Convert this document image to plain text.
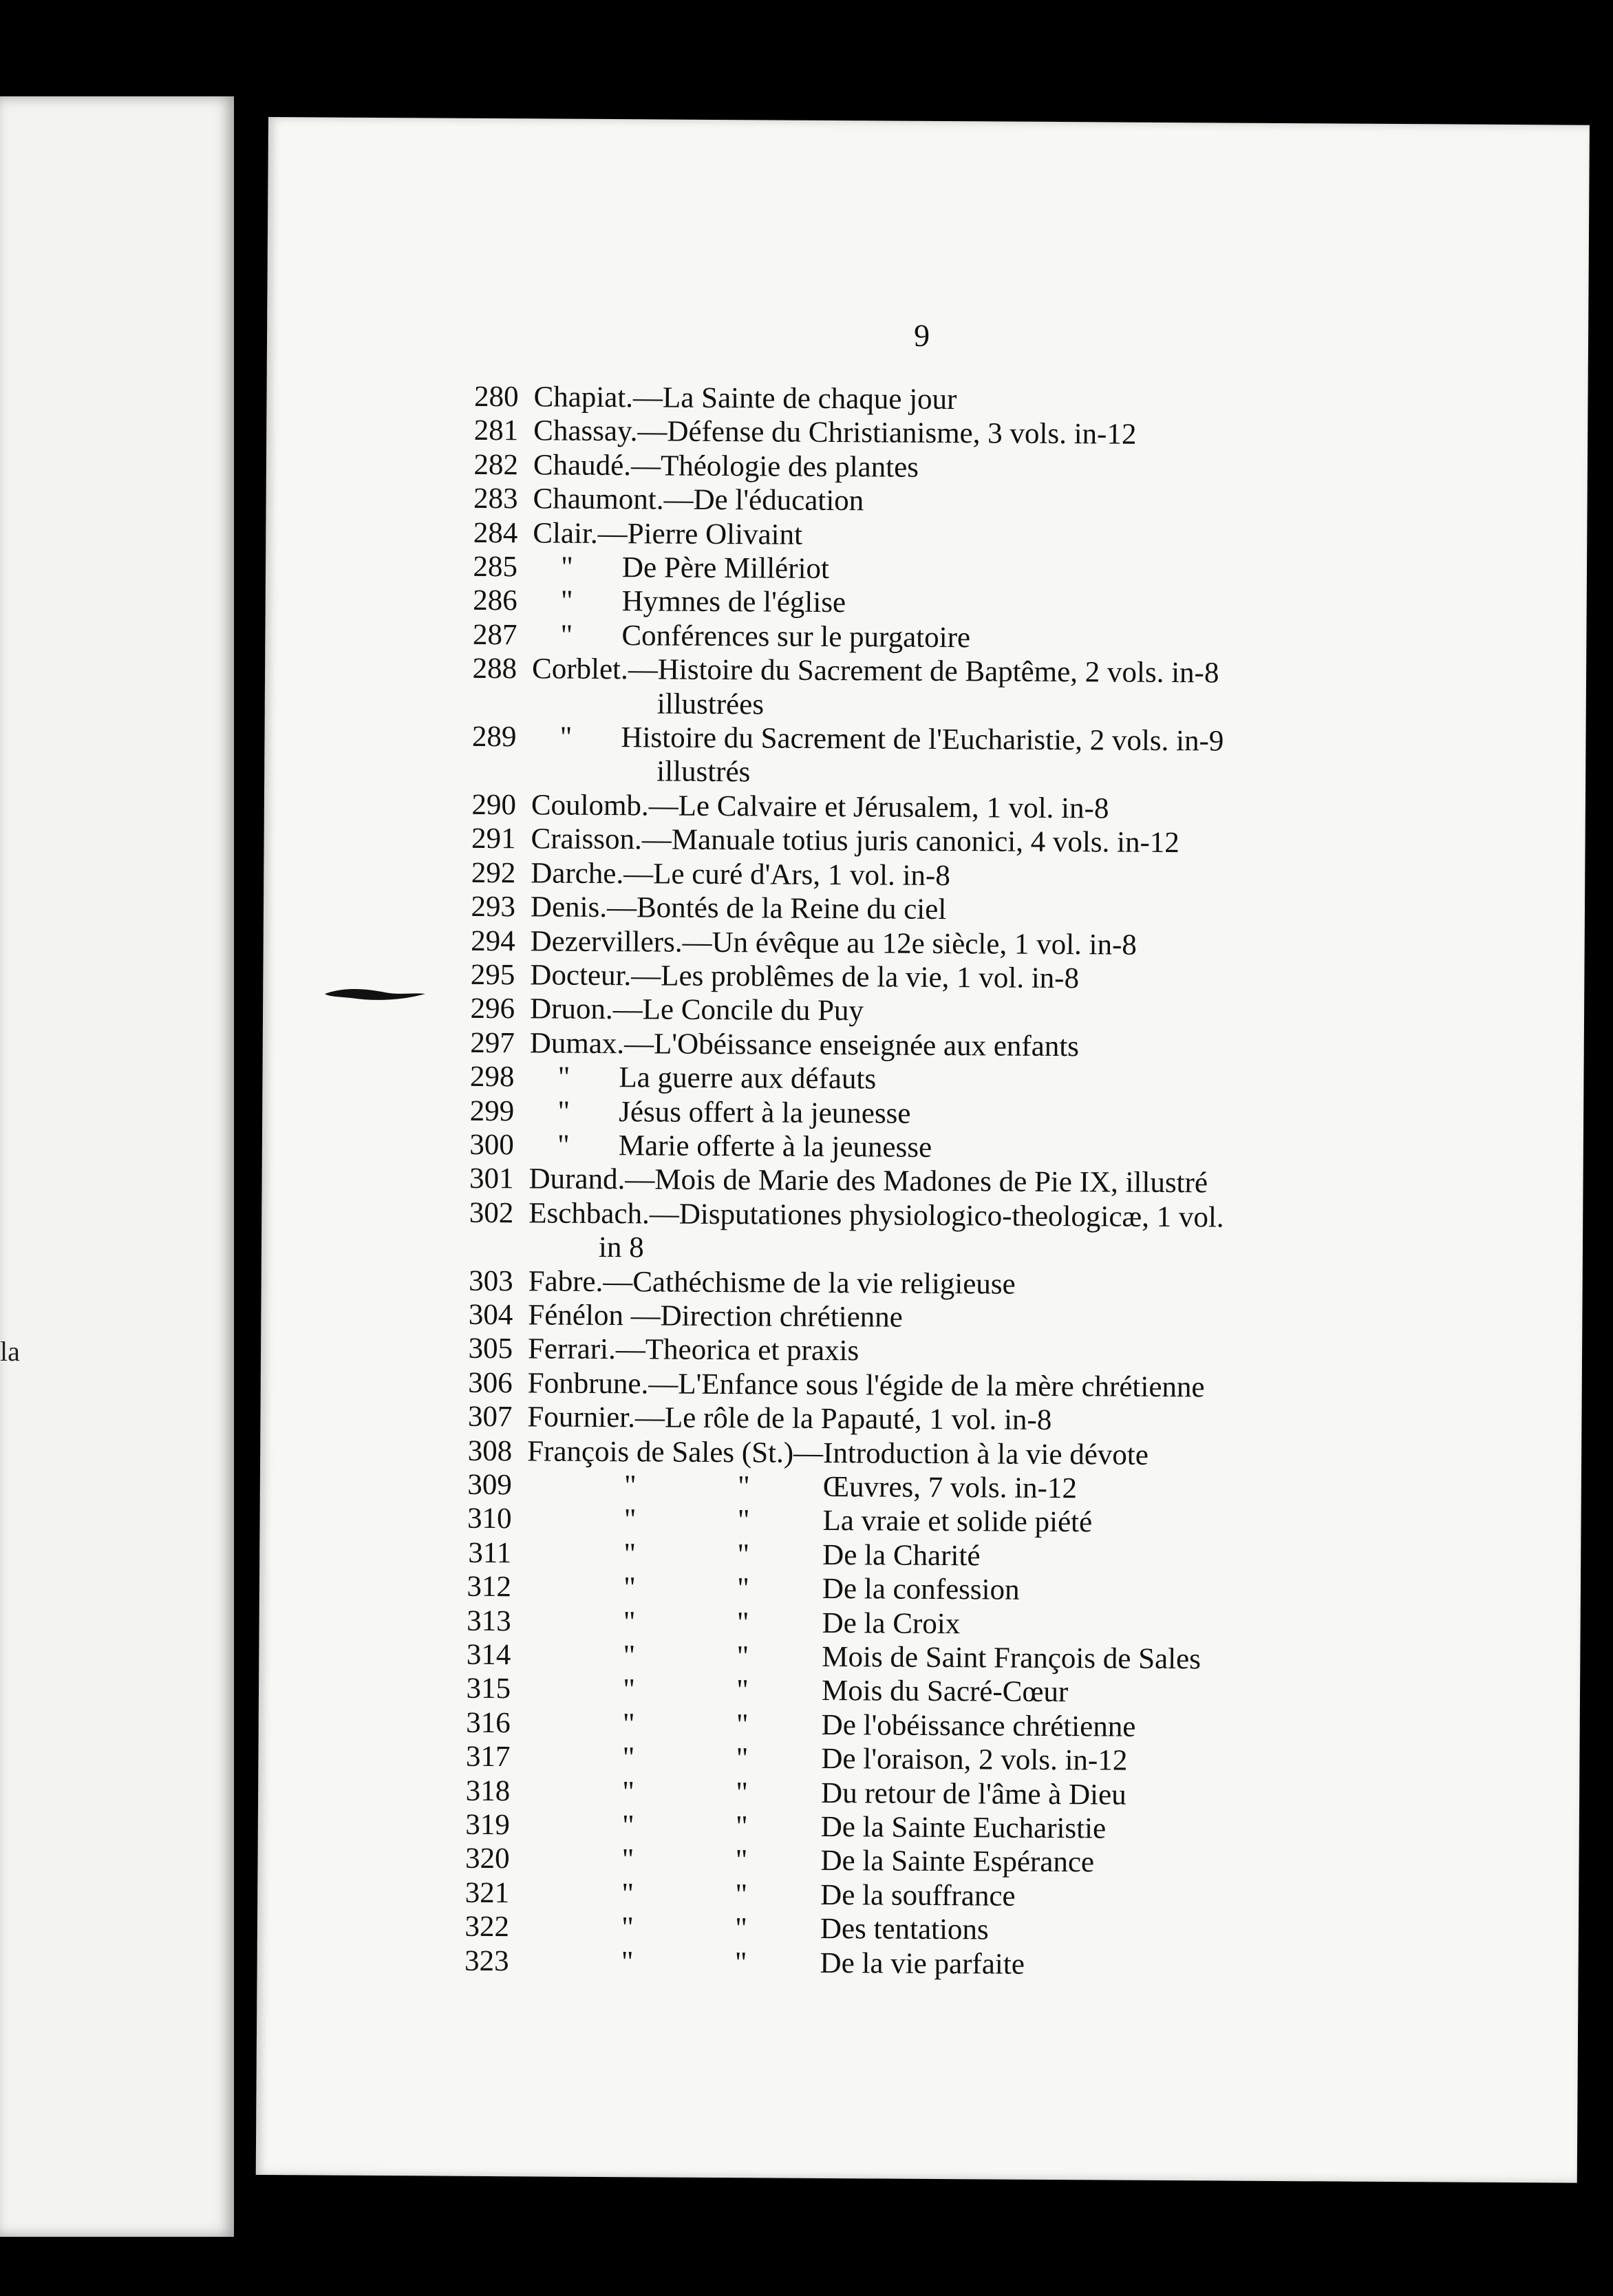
la
9
280 Chapiat.—La Sainte de chaque jour
281 Chassay.—Défense du Christianisme, 3 vols. in-12
282 Chaudé.—Théologie des plantes
283 Chaumont.—De l'éducation
284 Clair.—Pierre Olivaint
285	" De Père Millériot
286	" Hymnes de l'église
287	" Conférences sur le purgatoire
288 Corblet.—Histoire du Sacrement de Baptême, 2 vols. in-8
illustrées
289	" Histoire du Sacrement de l'Eucharistie, 2 vols. in-9
illustrés
290 Coulomb.—Le Calvaire et Jérusalem, 1 vol. in-8
291 Craisson.—Manuale totius juris canonici, 4 vols. in-12
292 Darche.—Le curé d'Ars, 1 vol. in-8
293 Denis.—Bontés de la Reine du ciel
294 Dezervillers.—Un évêque au 12e siècle, 1 vol. in-8
295 Docteur.—Les problêmes de la vie, 1 vol. in-8
296 Druon.—Le Concile du Puy
297 Dumax.—L'Obéissance enseignée aux enfants
298	" La guerre aux défauts
299	" Jésus offert à la jeunesse
300	" Marie offerte à la jeunesse
301 Durand.—Mois de Marie des Madones de Pie IX, illustré
302 Eschbach.—Disputationes physiologico-theologicæ, 1 vol.
in 8
303 Fabre.—Cathéchisme de la vie religieuse
304 Fénélon —Direction chrétienne
305 Ferrari.—Theorica et praxis
306 Fonbrune.—L'Enfance sous l'égide de la mère chrétienne
307 Fournier.—Le rôle de la Papauté, 1 vol. in-8
308 François de Sales (St.)—Introduction à la vie dévote
309	"	" Œuvres, 7 vols. in-12
310	"	" La vraie et solide piété
311	"	" De la Charité
312	"	" De la confession
313	"	" De la Croix
314	"	" Mois de Saint François de Sales
315	"	" Mois du Sacré-Cœur
316	"	" De l'obéissance chrétienne
317	"	" De l'oraison, 2 vols. in-12
318	"	" Du retour de l'âme à Dieu
319	"	" De la Sainte Eucharistie
320	"	" De la Sainte Espérance
321	"	" De la souffrance
322	"	" Des tentations
323	"	" De la vie parfaite
